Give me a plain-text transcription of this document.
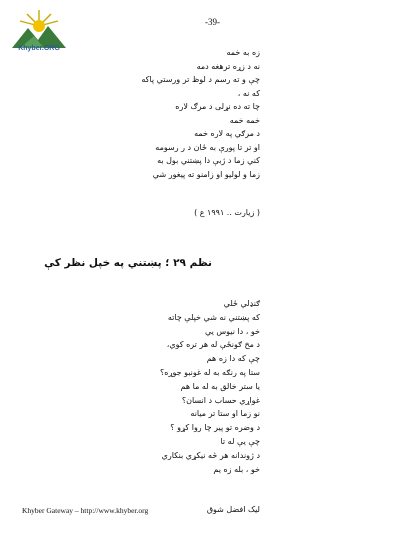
Khyber.ORG
-39-
زه به خمه
نه د زړه ترهغه دمه
چې و ته رسم د لوظ تر ورستي پاکه
که نه ،
چا ته ده نړلی د مرګ لاره
خمه خمه
د مرګي په لاره خمه
او تر تا پورې به ځان د ر رسومه
کني زما د ژبې دا پښتني بول به
زما و لوليو او زامنو ته پيغور شي
( زيارت .. ۱۹۹۱ ع )
نظم ۲۹ ؛ پښتني په خپل نظر کې
ګنډلي ځلي
که پښتني نه شي خپلې چاته
خو ، دا نيوس يي
د مخ ګونځې له هر تره کوي،
چې که دا زه هم
ستا په رنګه به له غونبو جوړه؟
يا ستر خالق به له ما هم
غواړي حساب د انسان؟
نو زما او ستا تر ميانه
د وضره تو پير چا روا کړو ؟
چې يې له تا
د ژوندانه هر څه نيکړي بنکاري
خو ، بله زه يم
Khyber Gateway – http://www.khyber.org	ليک افضل شوق
